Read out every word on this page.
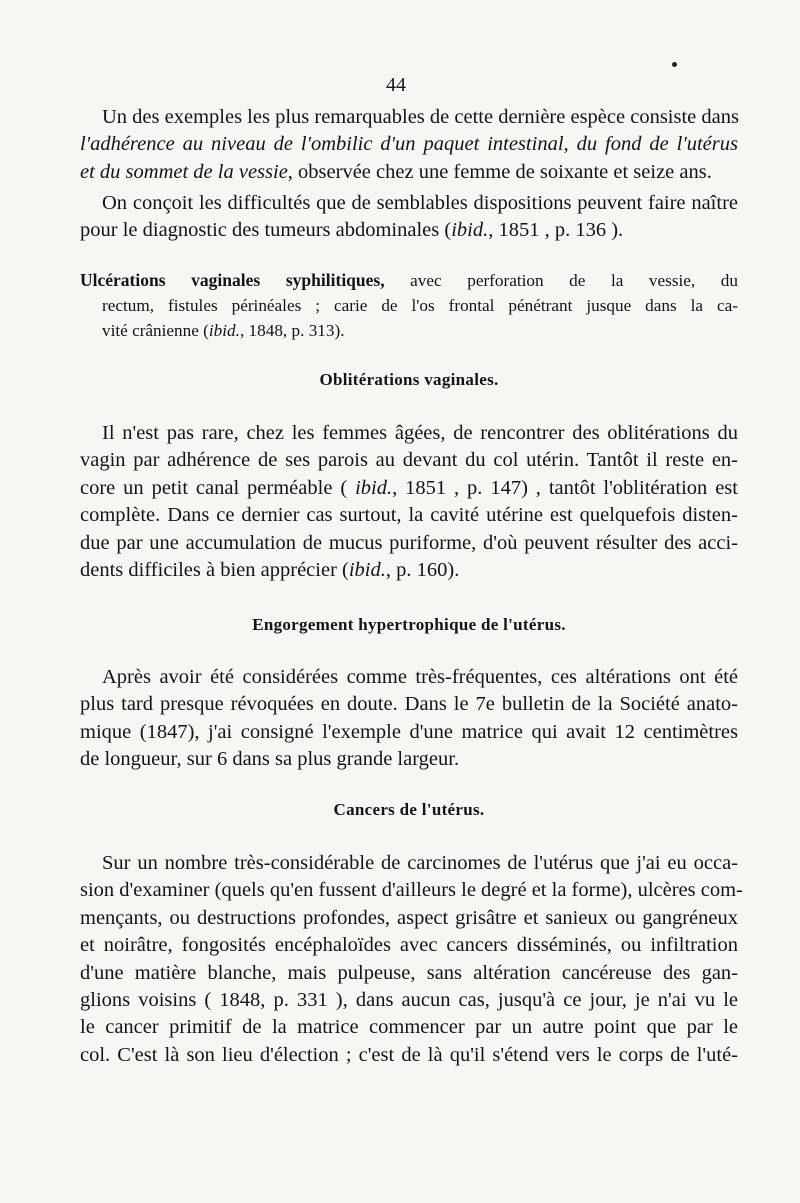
44
Un des exemples les plus remarquables de cette dernière espèce consiste dans
l'adhérence au niveau de l'ombilic d'un paquet intestinal, du fond de l'utérus
et du sommet de la vessie, observée chez une femme de soixante et seize ans.
On conçoit les difficultés que de semblables dispositions peuvent faire naître
pour le diagnostic des tumeurs abdominales (ibid., 1851 , p. 136 ).
Ulcérations vaginales syphilitiques, avec perforation de la vessie, du
rectum, fistules périnéales ; carie de l'os frontal pénétrant jusque dans la ca-
vité crânienne (ibid., 1848, p. 313).
Oblitérations vaginales.
Il n'est pas rare, chez les femmes âgées, de rencontrer des oblitérations du
vagin par adhérence de ses parois au devant du col utérin. Tantôt il reste en-
core un petit canal perméable ( ibid., 1851 , p. 147) , tantôt l'oblitération est
complète. Dans ce dernier cas surtout, la cavité utérine est quelquefois disten-
due par une accumulation de mucus puriforme, d'où peuvent résulter des acci-
dents difficiles à bien apprécier (ibid., p. 160).
Engorgement hypertrophique de l'utérus.
Après avoir été considérées comme très-fréquentes, ces altérations ont été
plus tard presque révoquées en doute. Dans le 7e bulletin de la Société anato-
mique (1847), j'ai consigné l'exemple d'une matrice qui avait 12 centimètres
de longueur, sur 6 dans sa plus grande largeur.
Cancers de l'utérus.
Sur un nombre très-considérable de carcinomes de l'utérus que j'ai eu occa-
sion d'examiner (quels qu'en fussent d'ailleurs le degré et la forme), ulcères com-
mençants, ou destructions profondes, aspect grisâtre et sanieux ou gangréneux
et noirâtre, fongosités encéphaloïdes avec cancers disséminés, ou infiltration
d'une matière blanche, mais pulpeuse, sans altération cancéreuse des gan-
glions voisins ( 1848, p. 331 ), dans aucun cas, jusqu'à ce jour, je n'ai vu le
le cancer primitif de la matrice commencer par un autre point que par le
col. C'est là son lieu d'élection ; c'est de là qu'il s'étend vers le corps de l'uté-
